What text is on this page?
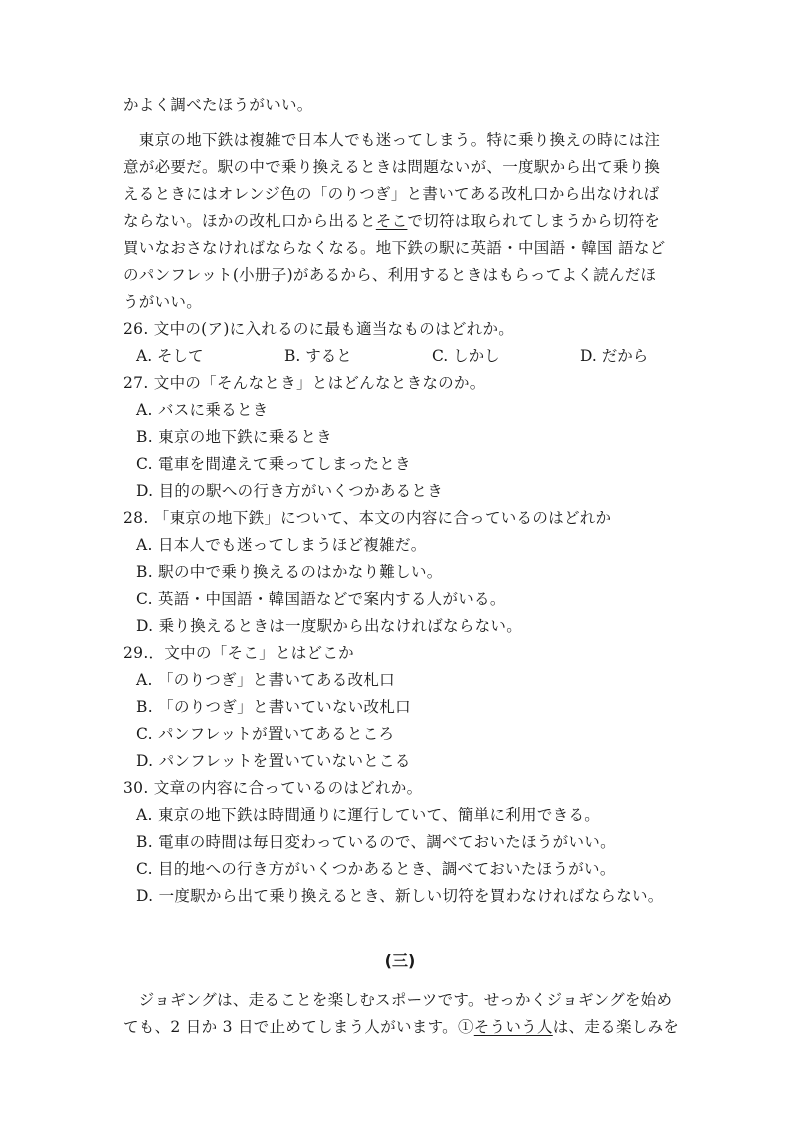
かよく調べたほうがいい。
　東京の地下鉄は複雑で日本人でも迷ってしまう。特に乗り換えの時には注
意が必要だ。駅の中で乗り換えるときは問題ないが、一度駅から出て乗り換
えるときにはオレンジ色の「のりつぎ」と書いてある改札口から出なければ
ならない。ほかの改札口から出るとそこで切符は取られてしまうから切符を
買いなおさなければならなくなる。地下鉄の駅に英語・中国語・韓国 語など
のパンフレット(小册子)があるから、利用するときはもらってよく読んだほ
うがいい。
26. 文中の(ア)に入れるのに最も適当なものはどれか。
A. そして	B. すると	C. しかし	D. だから
27. 文中の「そんなとき」とはどんなときなのか。
A. バスに乗るとき
B. 東京の地下鉄に乗るとき
C. 電車を間違えて乗ってしまったとき
D. 目的の駅への行き方がいくつかあるとき
28. 「東京の地下鉄」について、本文の内容に合っているのはどれか
A. 日本人でも迷ってしまうほど複雑だ。
B. 駅の中で乗り換えるのはかなり難しい。
C. 英語・中国語・韓国語などで案内する人がいる。
D. 乗り換えるときは一度駅から出なければならない。
29.．文中の「そこ」とはどこか
A. 「のりつぎ」と書いてある改札口
B. 「のりつぎ」と書いていない改札口
C. パンフレットが置いてあるところ
D. パンフレットを置いていないとこる
30. 文章の内容に合っているのはどれか。
A. 東京の地下鉄は時間通りに運行していて、簡単に利用できる。
B. 電車の時間は毎日変わっているので、調べておいたほうがいい。
C. 目的地への行き方がいくつかあるとき、調べておいたほうがい。
D. 一度駅から出て乗り換えるとき、新しい切符を買わなければならない。
(三)
　ジョギングは、走ることを楽しむスポーツです。せっかくジョギングを始め
ても、2 日か 3 日で止めてしまう人がいます。①そういう人は、走る楽しみを
